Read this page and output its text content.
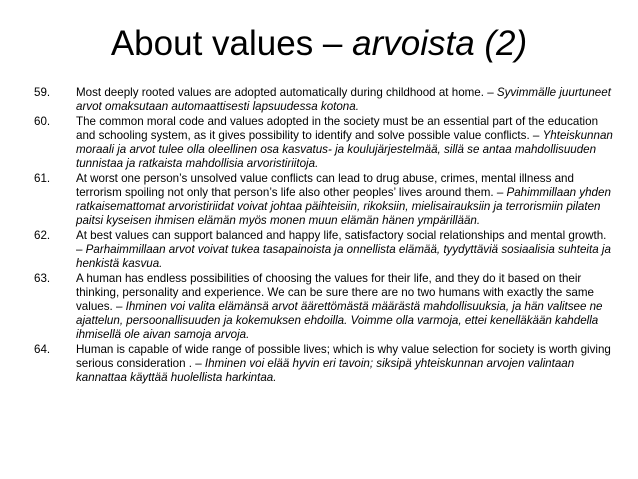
About values – arvoista (2)
59. Most deeply rooted values are adopted automatically during childhood at home. – Syvimmälle juurtuneet arvot omaksutaan automaattisesti lapsuudessa kotona.
60. The common moral code and values adopted in the society must be an essential part of the education and schooling system, as it gives possibility to identify and solve possible value conflicts. – Yhteiskunnan moraali ja arvot tulee olla oleellinen osa kasvatus- ja koulujärjestelmää, sillä se antaa mahdollisuuden tunnistaa ja ratkaista mahdollisia arvoristiriitoja.
61. At worst one person’s unsolved value conflicts can lead to drug abuse, crimes, mental illness and terrorism spoiling not only that person’s life also other peoples’ lives around them. – Pahimmillaan yhden ratkaisemattomat arvoristiriidat voivat johtaa päihteisiin, rikoksiin, mielisairauksiin ja terrorismiin pilaten paitsi kyseisen ihmisen elämän myös monen muun elämän hänen ympärillään.
62. At best values can support balanced and happy life, satisfactory social relationships and mental growth. – Parhaimmillaan arvot voivat tukea tasapainoista ja onnellista elämää, tyydyttäviä sosiaalisia suhteita ja henkistä kasvua.
63. A human has endless possibilities of choosing the values for their life, and they do it based on their thinking, personality and experience. We can be sure there are no two humans with exactly the same values. – Ihminen voi valita elämänsä arvot äärettömästä määrästä mahdollisuuksia, ja hän valitsee ne ajattelun, persoonallisuuden ja kokemuksen ehdoilla. Voimme olla varmoja, ettei kenelläkään kahdella ihmisellä ole aivan samoja arvoja.
64. Human is capable of wide range of possible lives; which is why value selection for society is worth giving serious consideration . – Ihminen voi elää hyvin eri tavoin; siksipä yhteiskunnan arvojen valintaan kannattaa käyttää huolellista harkintaa.
